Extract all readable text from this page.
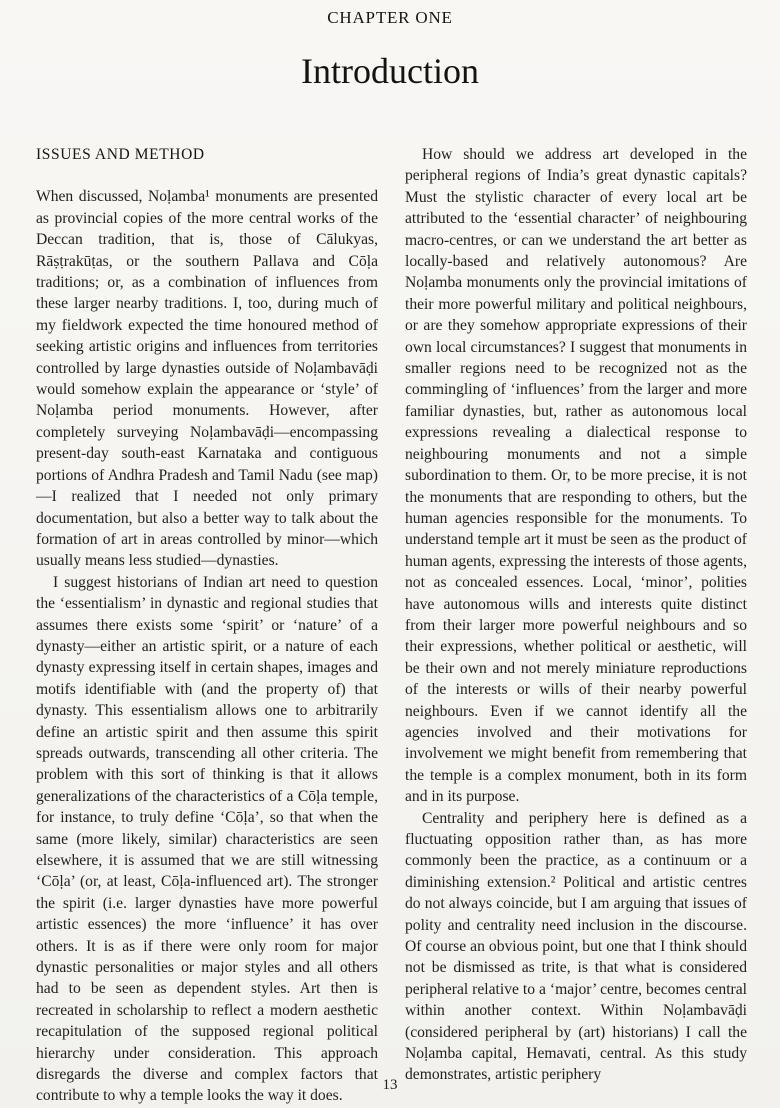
CHAPTER ONE
Introduction
ISSUES AND METHOD

When discussed, Noḷamba¹ monuments are presented as provincial copies of the more central works of the Deccan tradition, that is, those of Cālukyas, Rāṣṭrakūṭas, or the southern Pallava and Cōḷa traditions; or, as a combination of influences from these larger nearby traditions. I, too, during much of my fieldwork expected the time honoured method of seeking artistic origins and influences from territories controlled by large dynasties outside of Noḷambavāḍi would somehow explain the appearance or ‘style’ of Noḷamba period monuments. However, after completely surveying Noḷambavāḍi—encompassing present-day south-east Karnataka and contiguous portions of Andhra Pradesh and Tamil Nadu (see map)—I realized that I needed not only primary documentation, but also a better way to talk about the formation of art in areas controlled by minor—which usually means less studied—dynasties.

I suggest historians of Indian art need to question the ‘essentialism’ in dynastic and regional studies that assumes there exists some ‘spirit’ or ‘nature’ of a dynasty—either an artistic spirit, or a nature of each dynasty expressing itself in certain shapes, images and motifs identifiable with (and the property of) that dynasty. This essentialism allows one to arbitrarily define an artistic spirit and then assume this spirit spreads outwards, transcending all other criteria. The problem with this sort of thinking is that it allows generalizations of the characteristics of a Cōḷa temple, for instance, to truly define ‘Cōḷa’, so that when the same (more likely, similar) characteristics are seen elsewhere, it is assumed that we are still witnessing ‘Cōḷa’ (or, at least, Cōḷa-influenced art). The stronger the spirit (i.e. larger dynasties have more powerful artistic essences) the more ‘influence’ it has over others. It is as if there were only room for major dynastic personalities or major styles and all others had to be seen as dependent styles. Art then is recreated in scholarship to reflect a modern aesthetic recapitulation of the supposed regional political hierarchy under consideration. This approach disregards the diverse and complex factors that contribute to why a temple looks the way it does.

How should we address art developed in the peripheral regions of India’s great dynastic capitals? Must the stylistic character of every local art be attributed to the ‘essential character’ of neighbouring macro-centres, or can we understand the art better as locally-based and relatively autonomous? Are Noḷamba monuments only the provincial imitations of their more powerful military and political neighbours, or are they somehow appropriate expressions of their own local circumstances? I suggest that monuments in smaller regions need to be recognized not as the commingling of ‘influences’ from the larger and more familiar dynasties, but, rather as autonomous local expressions revealing a dialectical response to neighbouring monuments and not a simple subordination to them. Or, to be more precise, it is not the monuments that are responding to others, but the human agencies responsible for the monuments. To understand temple art it must be seen as the product of human agents, expressing the interests of those agents, not as concealed essences. Local, ‘minor’, polities have autonomous wills and interests quite distinct from their larger more powerful neighbours and so their expressions, whether political or aesthetic, will be their own and not merely miniature reproductions of the interests or wills of their nearby powerful neighbours. Even if we cannot identify all the agencies involved and their motivations for involvement we might benefit from remembering that the temple is a complex monument, both in its form and in its purpose.

Centrality and periphery here is defined as a fluctuating opposition rather than, as has more commonly been the practice, as a continuum or a diminishing extension.² Political and artistic centres do not always coincide, but I am arguing that issues of polity and centrality need inclusion in the discourse. Of course an obvious point, but one that I think should not be dismissed as trite, is that what is considered peripheral relative to a ‘major’ centre, becomes central within another context. Within Noḷambavāḍi (considered peripheral by (art) historians) I call the Noḷamba capital, Hemavati, central. As this study demonstrates, artistic periphery

13
